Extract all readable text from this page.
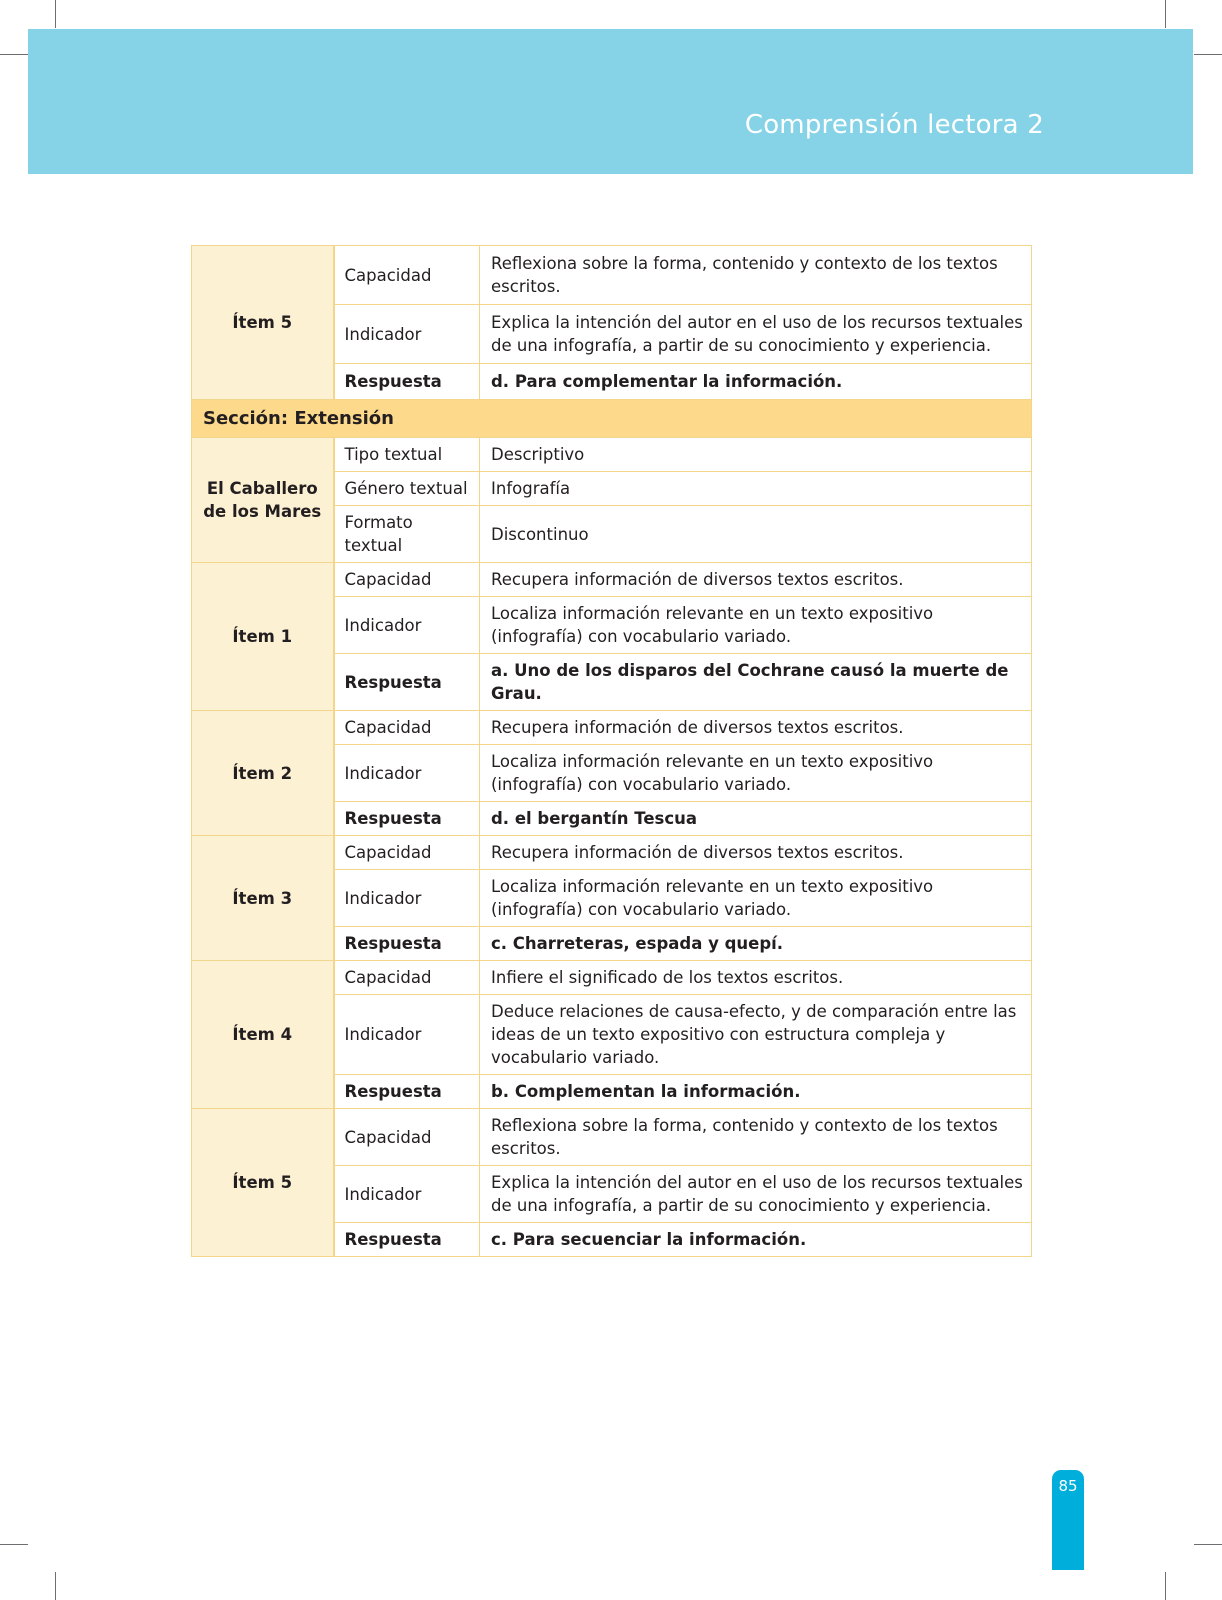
Comprensión lectora 2
Ítem 5	Capacidad	Reflexiona sobre la forma, contenido y contexto de los textos escritos.
	Indicador	Explica la intención del autor en el uso de los recursos textuales de una infografía, a partir de su conocimiento y experiencia.
	Respuesta	d. Para complementar la información.
Sección: Extensión		
El Caballero de los Mares	Tipo textual	Descriptivo
	Género textual	Infografía
	Formato textual	Discontinuo
Ítem 1	Capacidad	Recupera información de diversos textos escritos.
	Indicador	Localiza información relevante en un texto expositivo (infografía) con vocabulario variado.
	Respuesta	a. Uno de los disparos del Cochrane causó la muerte de Grau.
Ítem 2	Capacidad	Recupera información de diversos textos escritos.
	Indicador	Localiza información relevante en un texto expositivo (infografía) con vocabulario variado.
	Respuesta	d. el bergantín Tescua
Ítem 3	Capacidad	Recupera información de diversos textos escritos.
	Indicador	Localiza información relevante en un texto expositivo (infografía) con vocabulario variado.
	Respuesta	c. Charreteras, espada y quepí.
Ítem 4	Capacidad	Infiere el significado de los textos escritos.
	Indicador	Deduce relaciones de causa-efecto, y de comparación entre las ideas de un texto expositivo con estructura compleja y vocabulario variado.
	Respuesta	b. Complementan la información.
Ítem 5	Capacidad	Reflexiona sobre la forma, contenido y contexto de los textos escritos.
	Indicador	Explica la intención del autor en el uso de los recursos textuales de una infografía, a partir de su conocimiento y experiencia.
	Respuesta	c. Para secuenciar la información.
85
